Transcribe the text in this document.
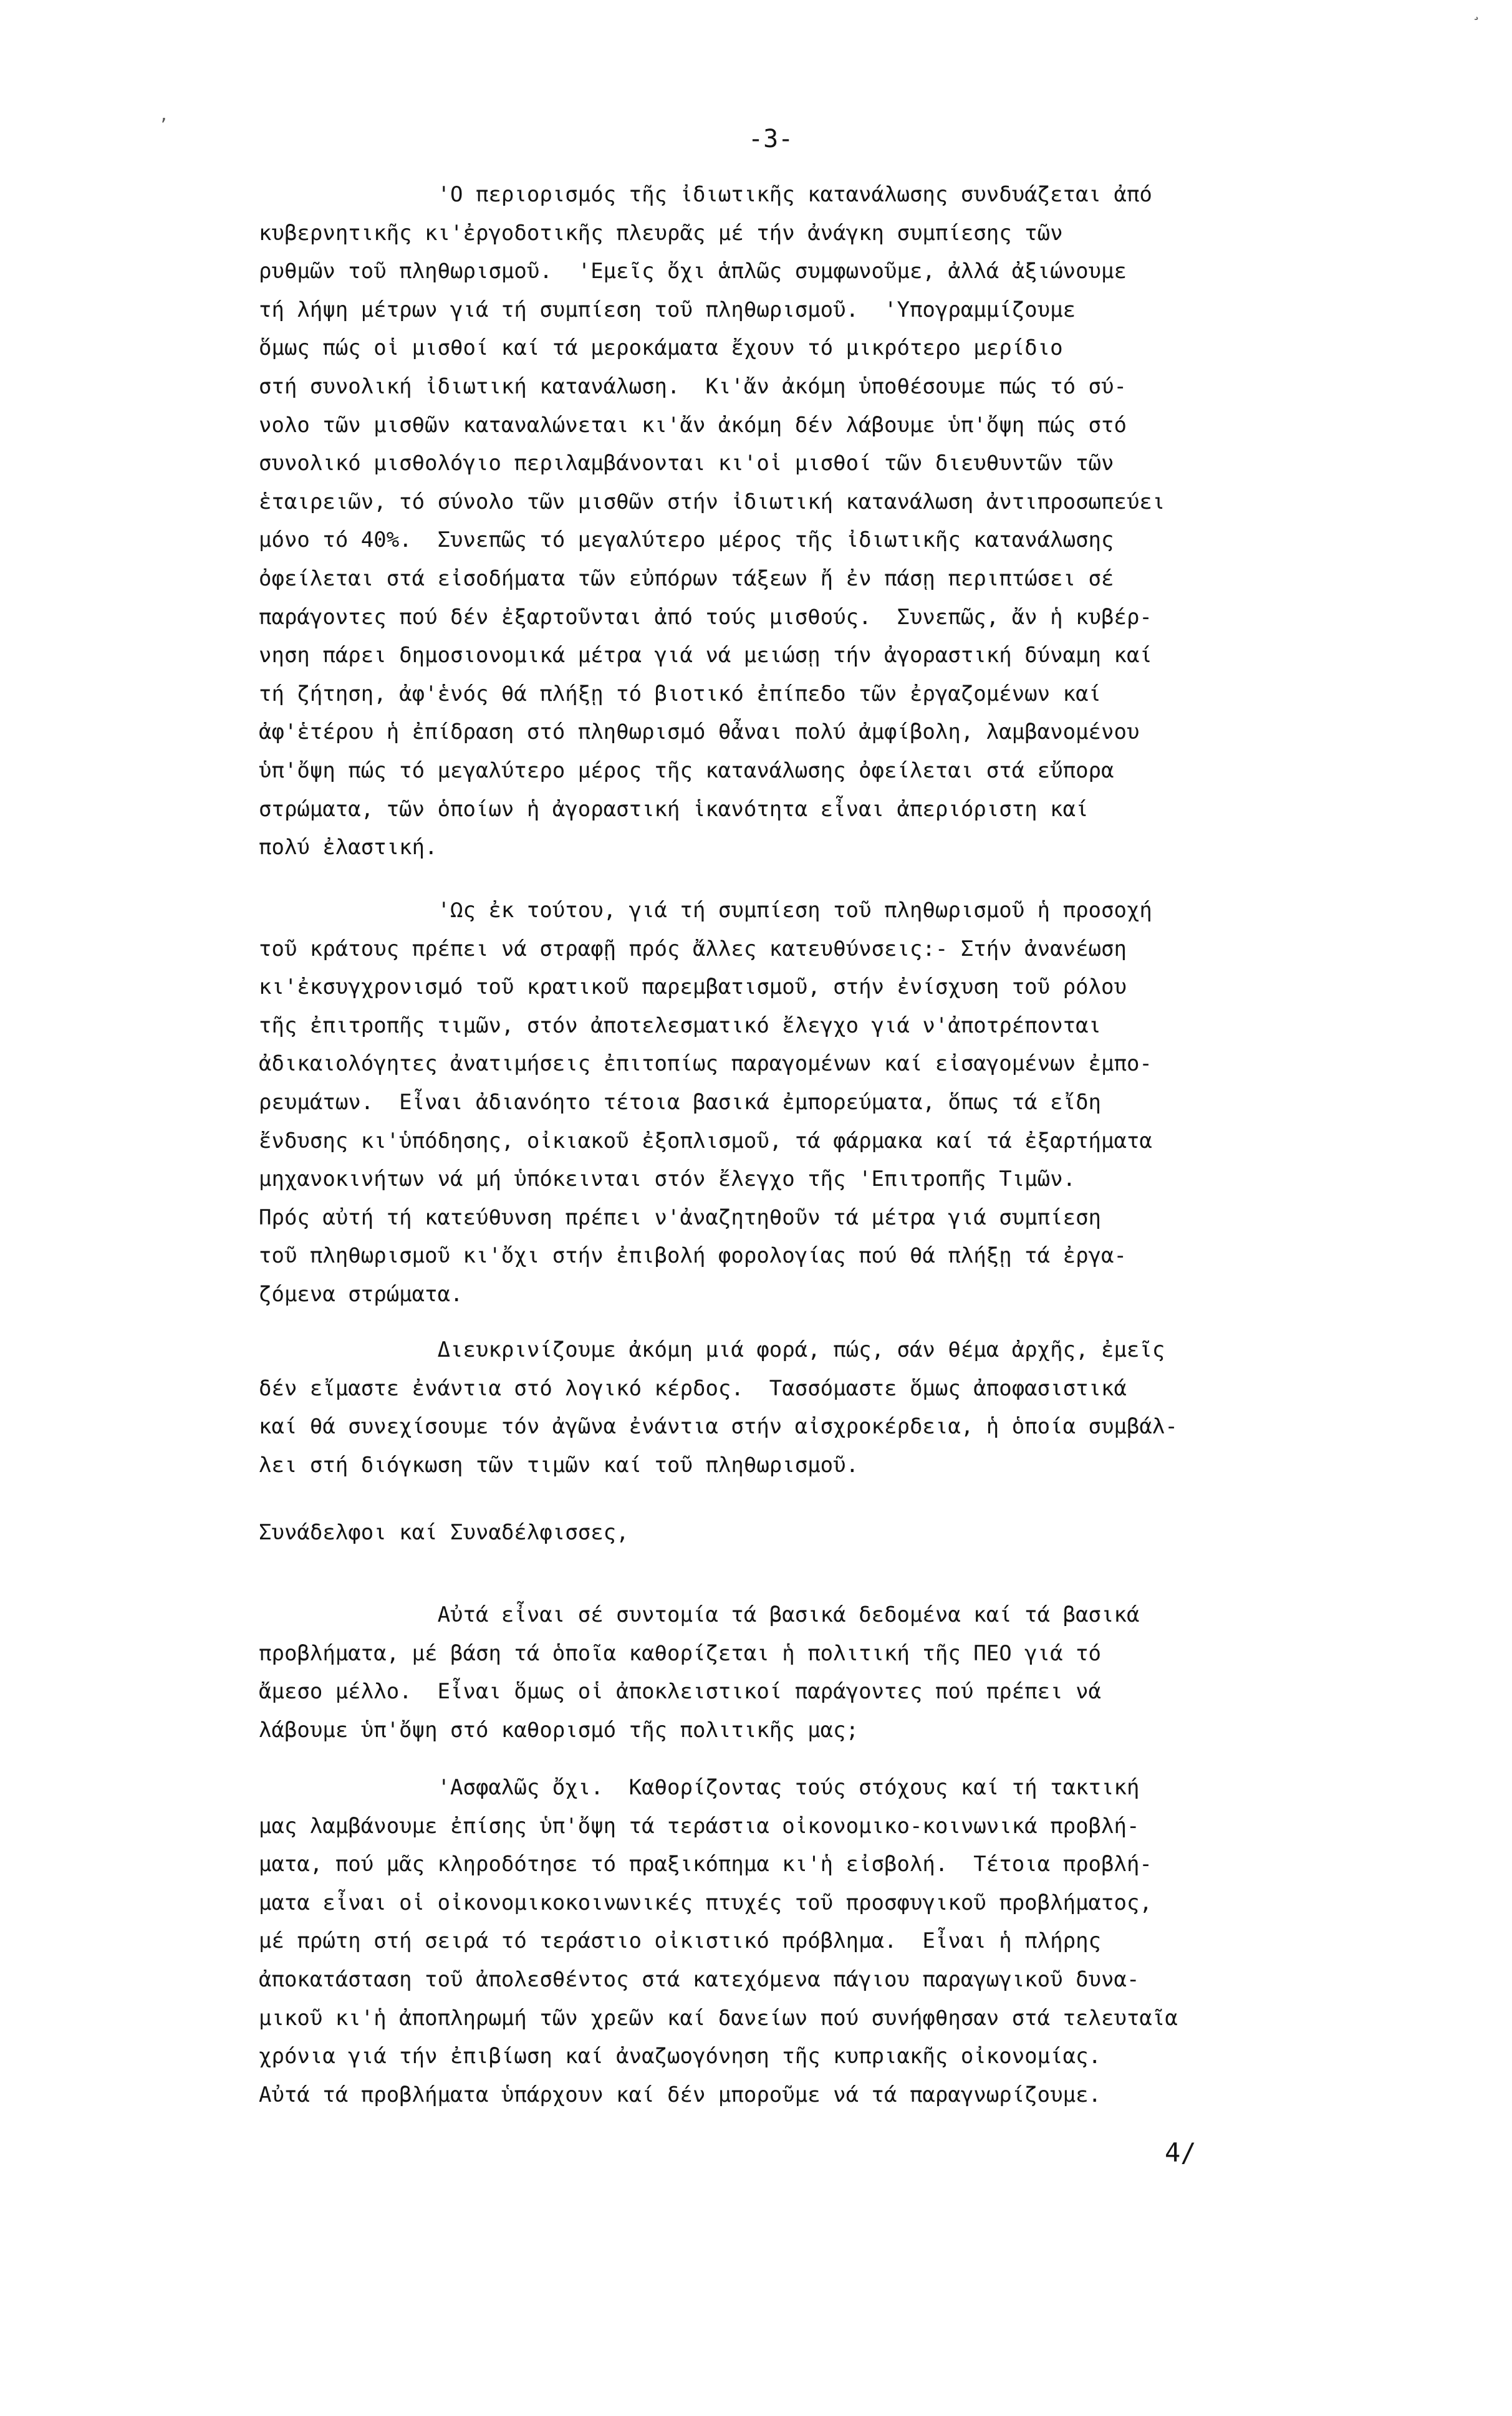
-3-

'Ο περιορισμός τῆς ἰδιωτικῆς κατανάλωσης συνδυάζεται ἀπό
κυβερνητικῆς κι'ἐργοδοτικῆς πλευρᾶς μέ τήν ἀνάγκη συμπίεσης τῶν
ρυθμῶν τοῦ πληθωρισμοῦ.  'Εμεῖς ὄχι ἁπλῶς συμφωνοῦμε, ἀλλά ἀξιώνουμε
τή λήψη μέτρων γιά τή συμπίεση τοῦ πληθωρισμοῦ.  'Υπογραμμίζουμε
ὅμως πώς οἱ μισθοί καί τά μεροκάματα ἔχουν τό μικρότερο μερίδιο
στή συνολική ἰδιωτική κατανάλωση.  Κι'ἄν ἀκόμη ὑποθέσουμε πώς τό σύ-
νολο τῶν μισθῶν καταναλώνεται κι'ἄν ἀκόμη δέν λάβουμε ὑπ'ὄψη πώς στό
συνολικό μισθολόγιο περιλαμβάνονται κι'οἱ μισθοί τῶν διευθυντῶν τῶν
ἑταιρειῶν, τό σύνολο τῶν μισθῶν στήν ἰδιωτική κατανάλωση ἀντιπροσωπεύει
μόνο τό 40%.  Συνεπῶς τό μεγαλύτερο μέρος τῆς ἰδιωτικῆς κατανάλωσης
ὀφείλεται στά εἰσοδήματα τῶν εὐπόρων τάξεων ἤ ἐν πάσῃ περιπτώσει σέ
παράγοντες πού δέν ἐξαρτοῦνται ἀπό τούς μισθούς.  Συνεπῶς, ἄν ἡ κυβέρ-
νηση πάρει δημοσιονομικά μέτρα γιά νά μειώσῃ τήν ἀγοραστική δύναμη καί
τή ζήτηση, ἀφ'ἑνός θά πλήξῃ τό βιοτικό ἐπίπεδο τῶν ἐργαζομένων καί
ἀφ'ἑτέρου ἡ ἐπίδραση στό πληθωρισμό θἆναι πολύ ἀμφίβολη, λαμβανομένου
ὑπ'ὄψη πώς τό μεγαλύτερο μέρος τῆς κατανάλωσης ὀφείλεται στά εὔπορα
στρώματα, τῶν ὁποίων ἡ ἀγοραστική ἱκανότητα εἶναι ἀπεριόριστη καί
πολύ ἐλαστική.

'Ως ἐκ τούτου, γιά τή συμπίεση τοῦ πληθωρισμοῦ ἡ προσοχή
τοῦ κράτους πρέπει νά στραφῇ πρός ἄλλες κατευθύνσεις:- Στήν ἀνανέωση
κι'ἐκσυγχρονισμό τοῦ κρατικοῦ παρεμβατισμοῦ, στήν ἐνίσχυση τοῦ ρόλου
τῆς ἐπιτροπῆς τιμῶν, στόν ἀποτελεσματικό ἔλεγχο γιά ν'ἀποτρέπονται
ἀδικαιολόγητες ἀνατιμήσεις ἐπιτοπίως παραγομένων καί εἰσαγομένων ἐμπο-
ρευμάτων.  Εἶναι ἀδιανόητο τέτοια βασικά ἐμπορεύματα, ὅπως τά εἴδη
ἔνδυσης κι'ὑπόδησης, οἰκιακοῦ ἐξοπλισμοῦ, τά φάρμακα καί τά ἐξαρτήματα
μηχανοκινήτων νά μή ὑπόκεινται στόν ἔλεγχο τῆς 'Επιτροπῆς Τιμῶν.
Πρός αὐτή τή κατεύθυνση πρέπει ν'ἀναζητηθοῦν τά μέτρα γιά συμπίεση
τοῦ πληθωρισμοῦ κι'ὄχι στήν ἐπιβολή φορολογίας πού θά πλήξῃ τά ἐργα-
ζόμενα στρώματα.

Διευκρινίζουμε ἀκόμη μιά φορά, πώς, σάν θέμα ἀρχῆς, ἐμεῖς
δέν εἴμαστε ἐνάντια στό λογικό κέρδος.  Τασσόμαστε ὅμως ἀποφασιστικά
καί θά συνεχίσουμε τόν ἀγῶνα ἐνάντια στήν αἰσχροκέρδεια, ἡ ὁποία συμβάλ-
λει στή διόγκωση τῶν τιμῶν καί τοῦ πληθωρισμοῦ.

Συνάδελφοι καί Συναδέλφισσες,

Αὐτά εἶναι σέ συντομία τά βασικά δεδομένα καί τά βασικά
προβλήματα, μέ βάση τά ὁποῖα καθορίζεται ἡ πολιτική τῆς ΠΕΟ γιά τό
ἄμεσο μέλλο.  Εἶναι ὅμως οἱ ἀποκλειστικοί παράγοντες πού πρέπει νά
λάβουμε ὑπ'ὄψη στό καθορισμό τῆς πολιτικῆς μας;

'Ασφαλῶς ὄχι.  Καθορίζοντας τούς στόχους καί τή τακτική
μας λαμβάνουμε ἐπίσης ὑπ'ὄψη τά τεράστια οἰκονομικο-κοινωνικά προβλή-
ματα, πού μᾶς κληροδότησε τό πραξικόπημα κι'ἡ εἰσβολή.  Τέτοια προβλή-
ματα εἶναι οἱ οἰκονομικοκοινωνικές πτυχές τοῦ προσφυγικοῦ προβλήματος,
μέ πρώτη στή σειρά τό τεράστιο οἰκιστικό πρόβλημα.  Εἶναι ἡ πλήρης
ἀποκατάσταση τοῦ ἀπολεσθέντος στά κατεχόμενα πάγιου παραγωγικοῦ δυνα-
μικοῦ κι'ἡ ἀποπληρωμή τῶν χρεῶν καί δανείων πού συνήφθησαν στά τελευταῖα
χρόνια γιά τήν ἐπιβίωση καί ἀναζωογόνηση τῆς κυπριακῆς οἰκονομίας.
Αὐτά τά προβλήματα ὑπάρχουν καί δέν μποροῦμε νά τά παραγνωρίζουμε.

4/
,
¸
